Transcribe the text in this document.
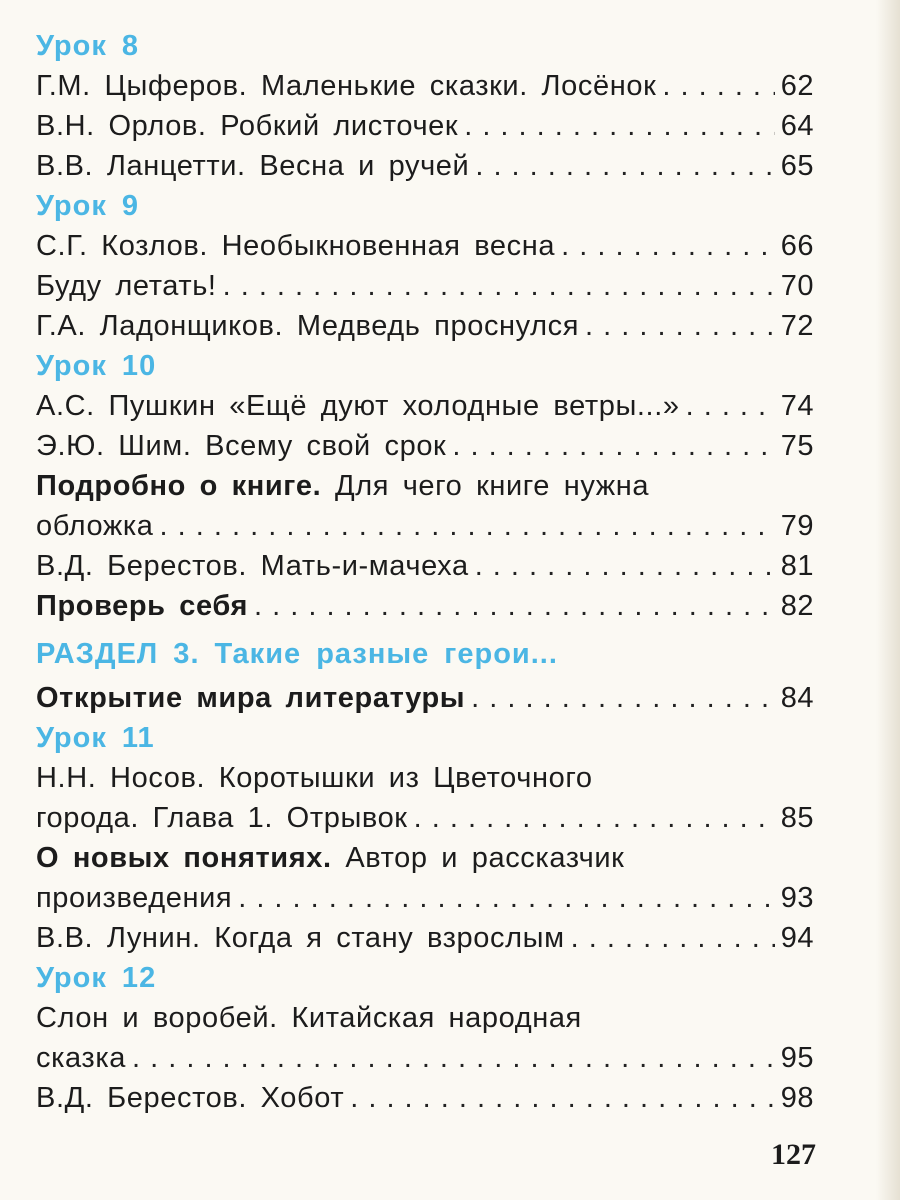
Урок 8
Г.М. Цыферов. Маленькие сказки. Лосёнок . . .	62
В.Н. Орлов. Робкий листочек . . .	64
В.В. Ланцетти. Весна и ручей . . .	65
Урок 9
С.Г. Козлов. Необыкновенная весна . . .	66
Буду летать! . . .	70
Г.А. Ладонщиков. Медведь проснулся . . .	72
Урок 10
А.С. Пушкин «Ещё дуют холодные ветры...» . . .	74
Э.Ю. Шим. Всему свой срок . . .	75
Подробно о книге. Для чего книге нужна
обложка . . .	79
В.Д. Берестов. Мать-и-мачеха . . .	81
Проверь себя . . .	82
РАЗДЕЛ 3. Такие разные герои...
Открытие мира литературы . . .	84
Урок 11
Н.Н. Носов. Коротышки из Цветочного
города. Глава 1. Отрывок . . .	85
О новых понятиях. Автор и рассказчик
произведения . . .	93
В.В. Лунин. Когда я стану взрослым . . .	94
Урок 12
Слон и воробей. Китайская народная
сказка . . .	95
В.Д. Берестов. Хобот . . .	98
127
